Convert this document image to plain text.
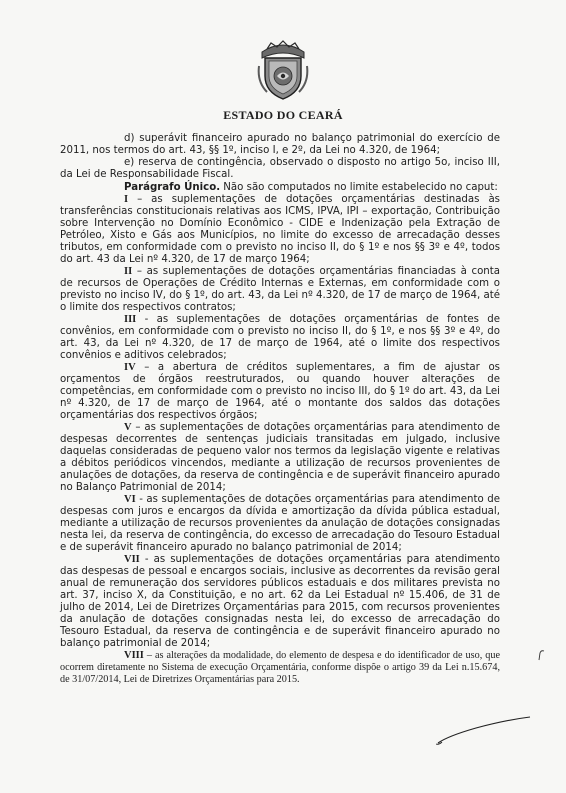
ESTADO DO CEARÁ

d) superávit financeiro apurado no balanço patrimonial do exercício de 2011, nos termos do art. 43, §§ 1º, inciso I, e 2º, da Lei no 4.320, de 1964;

e) reserva de contingência, observado o disposto no artigo 5o, inciso III, da Lei de Responsabilidade Fiscal.

Parágrafo Único. Não são computados no limite estabelecido no caput:

I – as suplementações de dotações orçamentárias destinadas às transferências constitucionais relativas aos ICMS, IPVA, IPI – exportação, Contribuição sobre Intervenção no Domínio Econômico - CIDE e Indenização pela Extração de Petróleo, Xisto e Gás aos Municípios, no limite do excesso de arrecadação desses tributos, em conformidade com o previsto no inciso II, do § 1º e nos §§ 3º e 4º, todos do art. 43 da Lei nº 4.320, de 17 de março 1964;

II – as suplementações de dotações orçamentárias financiadas à conta de recursos de Operações de Crédito Internas e Externas, em conformidade com o previsto no inciso IV, do § 1º, do art. 43, da Lei nº 4.320, de 17 de março de 1964, até o limite dos respectivos contratos;

III - as suplementações de dotações orçamentárias de fontes de convênios, em conformidade com o previsto no inciso II, do § 1º, e nos §§ 3º e 4º, do art. 43, da Lei nº 4.320, de 17 de março de 1964, até o limite dos respectivos convênios e aditivos celebrados;

IV – a abertura de créditos suplementares, a fim de ajustar os orçamentos de órgãos reestruturados, ou quando houver alterações de competências, em conformidade com o previsto no inciso III, do § 1º do art. 43, da Lei nº 4.320, de 17 de março de 1964, até o montante dos saldos das dotações orçamentárias dos respectivos órgãos;

V – as suplementações de dotações orçamentárias para atendimento de despesas decorrentes de sentenças judiciais transitadas em julgado, inclusive daquelas consideradas de pequeno valor nos termos da legislação vigente e relativas a débitos periódicos vincendos, mediante a utilização de recursos provenientes de anulações de dotações, da reserva de contingência e de superávit financeiro apurado no Balanço Patrimonial de 2014;

VI - as suplementações de dotações orçamentárias para atendimento de despesas com juros e encargos da dívida e amortização da dívida pública estadual, mediante a utilização de recursos provenientes da anulação de dotações consignadas nesta lei, da reserva de contingência, do excesso de arrecadação do Tesouro Estadual e de superávit financeiro apurado no balanço patrimonial de 2014;

VII - as suplementações de dotações orçamentárias para atendimento das despesas de pessoal e encargos sociais, inclusive as decorrentes da revisão geral anual de remuneração dos servidores públicos estaduais e dos militares prevista no art. 37, inciso X, da Constituição, e no art. 62 da Lei Estadual nº 15.406, de 31 de julho de 2014, Lei de Diretrizes Orçamentárias para 2015, com recursos provenientes da anulação de dotações consignadas nesta lei, do excesso de arrecadação do Tesouro Estadual, da reserva de contingência e de superávit financeiro apurado no balanço patrimonial de 2014;

VIII – as alterações da modalidade, do elemento de despesa e do identificador de uso, que ocorrem diretamente no Sistema de execução Orçamentária, conforme dispõe o artigo 39 da Lei n.15.674, de 31/07/2014, Lei de Diretrizes Orçamentárias para 2015.
